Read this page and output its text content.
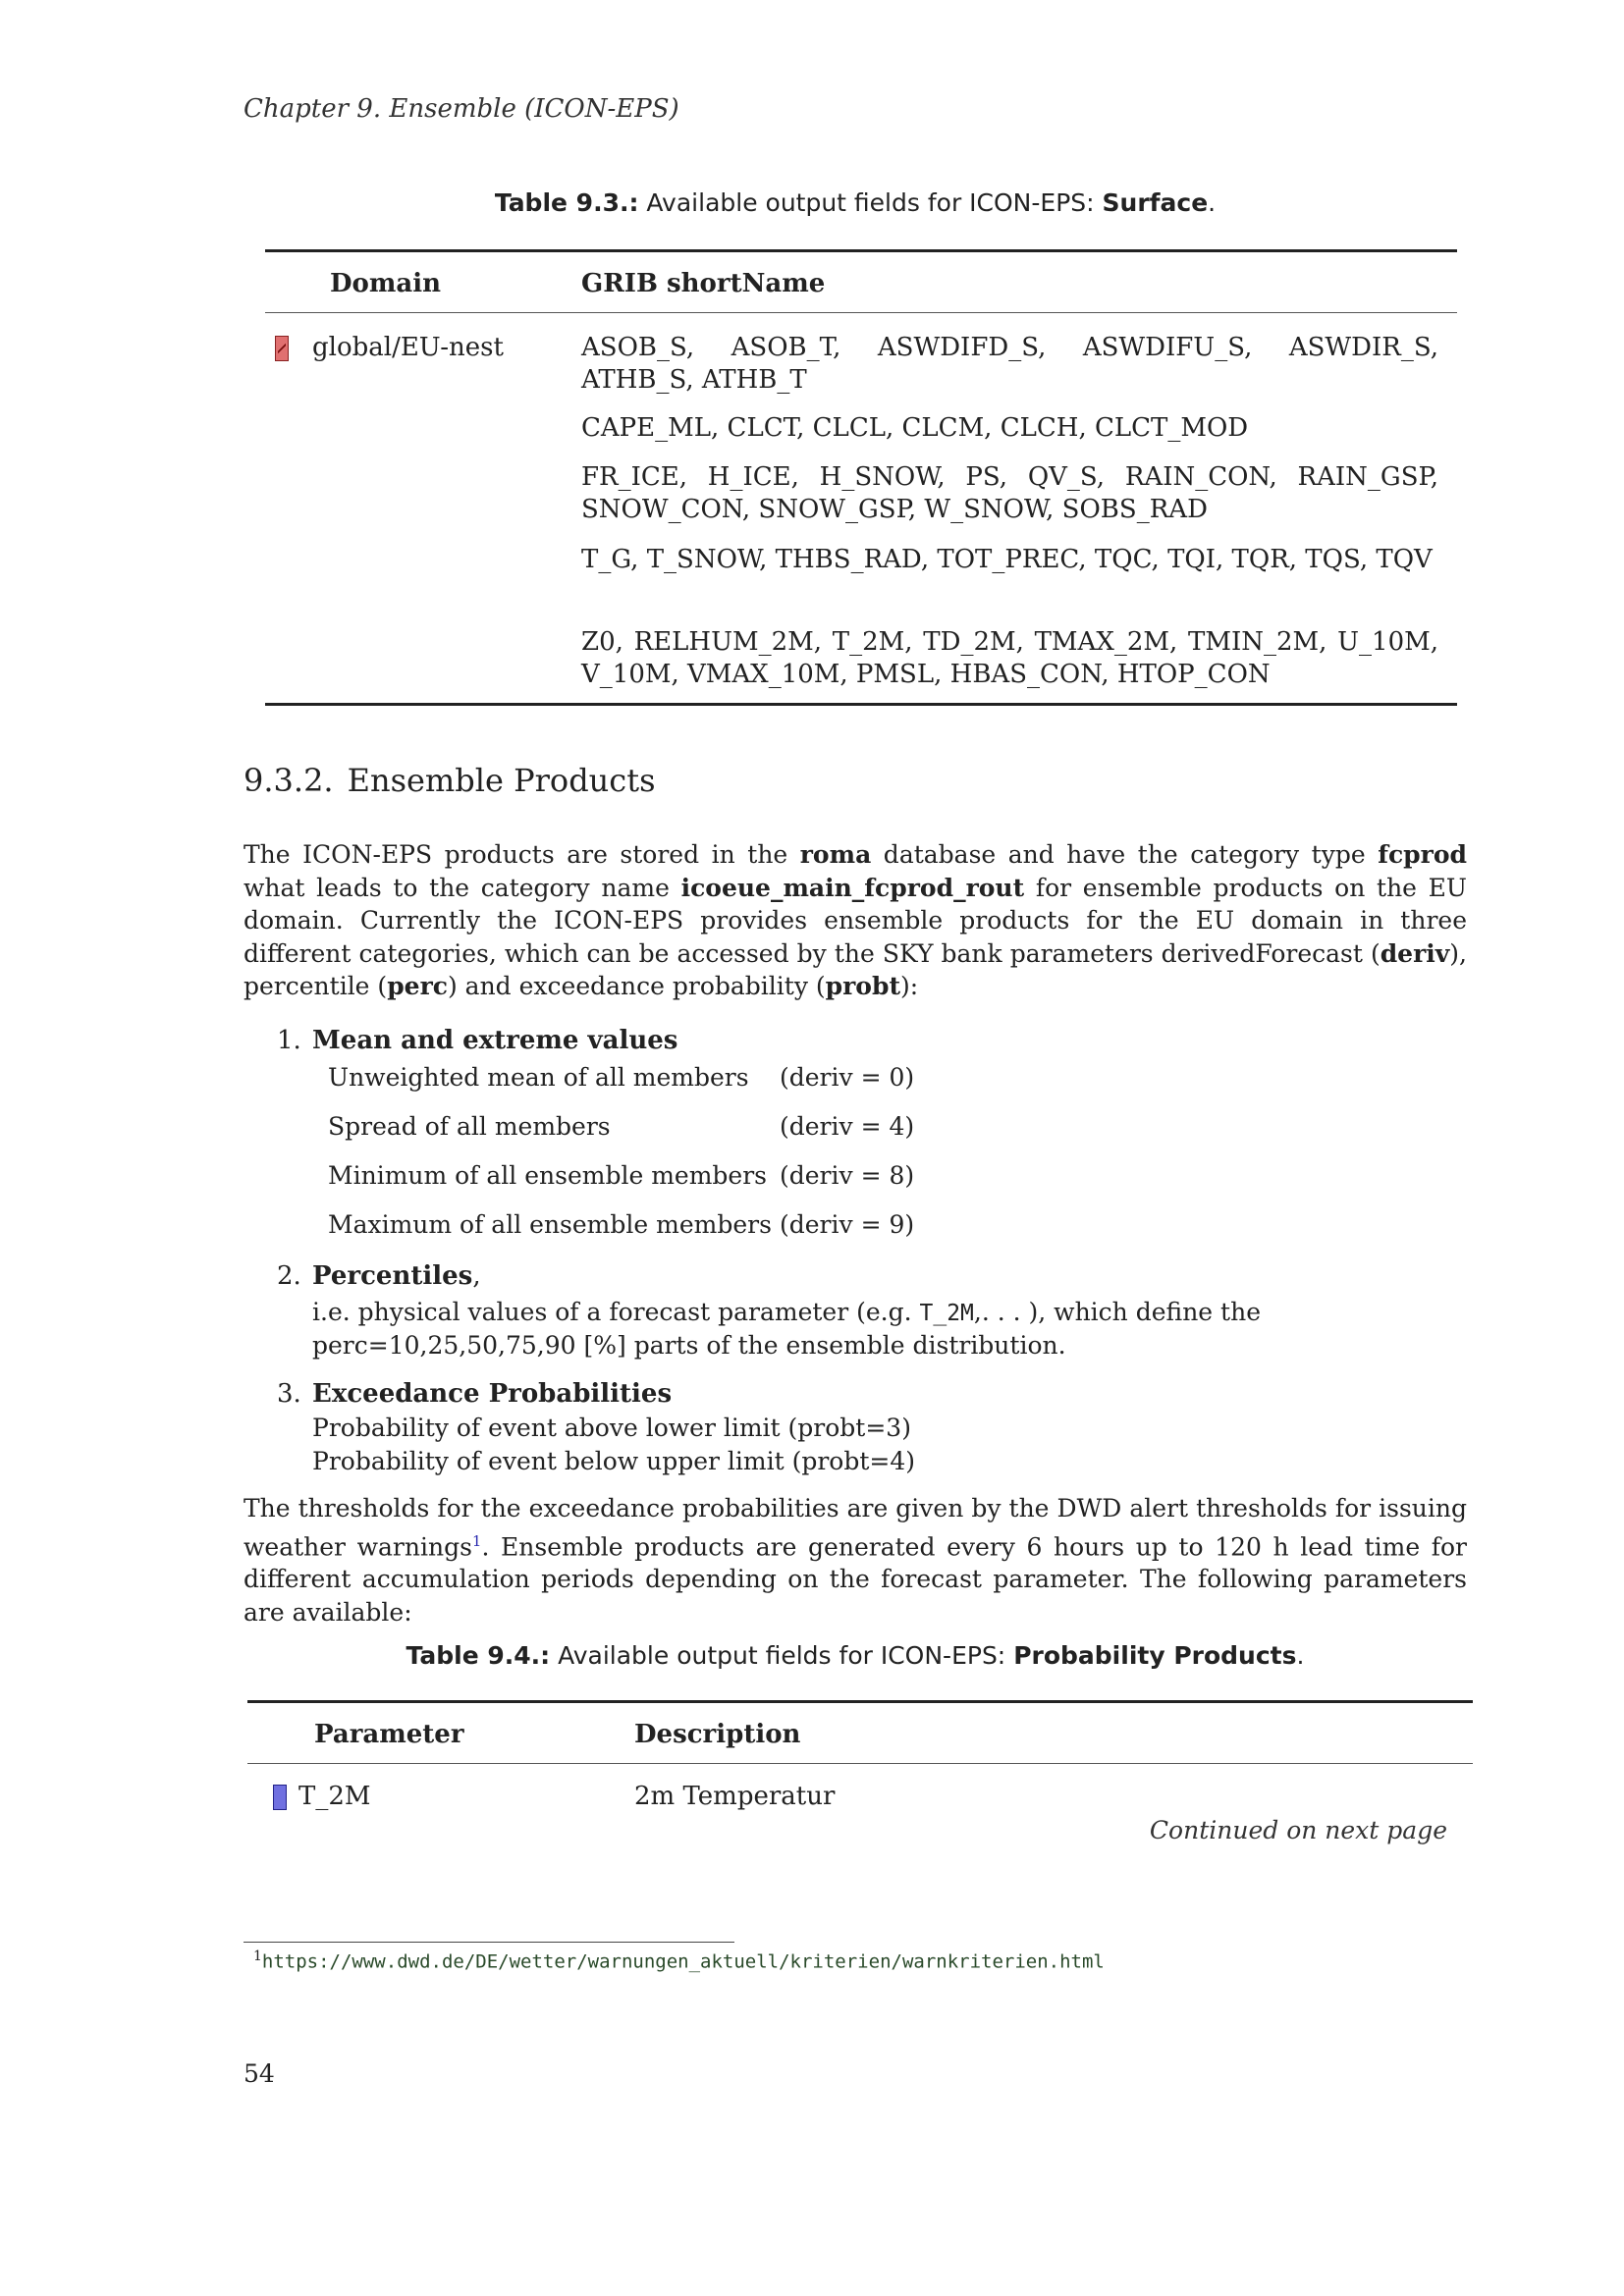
Chapter 9. Ensemble (ICON-EPS)
Table 9.3.: Available output fields for ICON-EPS: Surface.
Domain	GRIB shortName
global/EU-nest	ASOB_S, ASOB_T, ASWDIFD_S, ASWDIFU_S, ASWDIR_S, ATHB_S, ATHB_T
CAPE_ML, CLCT, CLCL, CLCM, CLCH, CLCT_MOD
FR_ICE, H_ICE, H_SNOW, PS, QV_S, RAIN_CON, RAIN_GSP, SNOW_CON, SNOW_GSP, W_SNOW, SOBS_RAD
T_G, T_SNOW, THBS_RAD, TOT_PREC, TQC, TQI, TQR, TQS, TQV
Z0, RELHUM_2M, T_2M, TD_2M, TMAX_2M, TMIN_2M, U_10M, V_10M, VMAX_10M, PMSL, HBAS_CON, HTOP_CON
9.3.2. Ensemble Products
The ICON-EPS products are stored in the roma database and have the category type fcprod what leads to the category name icoeue_main_fcprod_rout for ensemble products on the EU domain. Currently the ICON-EPS provides ensemble products for the EU domain in three different categories, which can be accessed by the SKY bank parameters derivedForecast (deriv), percentile (perc) and exceedance probability (probt):
1. Mean and extreme values
Unweighted mean of all members (deriv = 0)
Spread of all members	(deriv = 4)
Minimum of all ensemble members (deriv = 8)
Maximum of all ensemble members (deriv = 9)
2. Percentiles,
i.e. physical values of a forecast parameter (e.g. T_2M,. . . ), which define the
perc=10,25,50,75,90 [%] parts of the ensemble distribution.
3. Exceedance Probabilities
Probability of event above lower limit (probt=3)
Probability of event below upper limit (probt=4)
The thresholds for the exceedance probabilities are given by the DWD alert thresholds for issuing weather warnings$^1$. Ensemble products are generated every 6 hours up to 120 h lead time for different accumulation periods depending on the forecast parameter. The following parameters are available:
Table 9.4.: Available output fields for ICON-EPS: Probability Products.
Parameter	Description
T_2M	2m Temperatur
Continued on next page
$^1$https://www.dwd.de/DE/wetter/warnungen_aktuell/kriterien/warnkriterien.html
54
